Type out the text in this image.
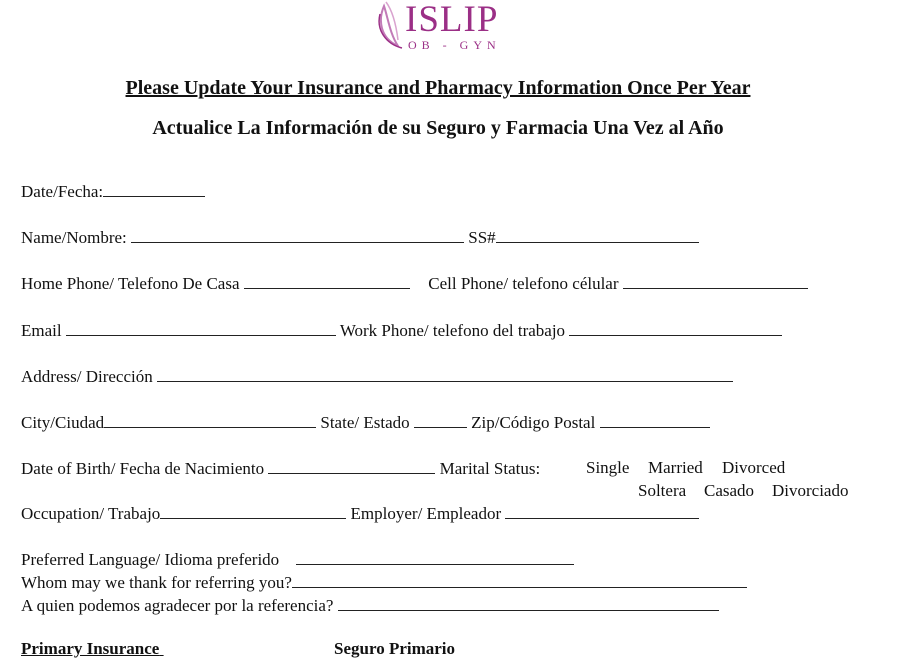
ISLIP
OB - GYN
Please Update Your Insurance and Pharmacy Information Once Per Year
Actualice La Información de su Seguro y Farmacia Una Vez al Año
Date/Fecha:
Name/Nombre:	SS#
Home Phone/ Telefono De Casa	Cell Phone/ telefono célular
Email	Work Phone/ telefono del trabajo
Address/ Dirección
City/Ciudad	State/ Estado	Zip/Código Postal
Date of Birth/ Fecha de Nacimiento	Marital Status:	Single Married Divorced
Soltera Casado Divorciado
Occupation/ Trabajo	Employer/ Empleador
Preferred Language/ Idioma preferido
Whom may we thank for referring you?
A quien podemos agradecer por la referencia?
Primary Insurance	Seguro Primario
